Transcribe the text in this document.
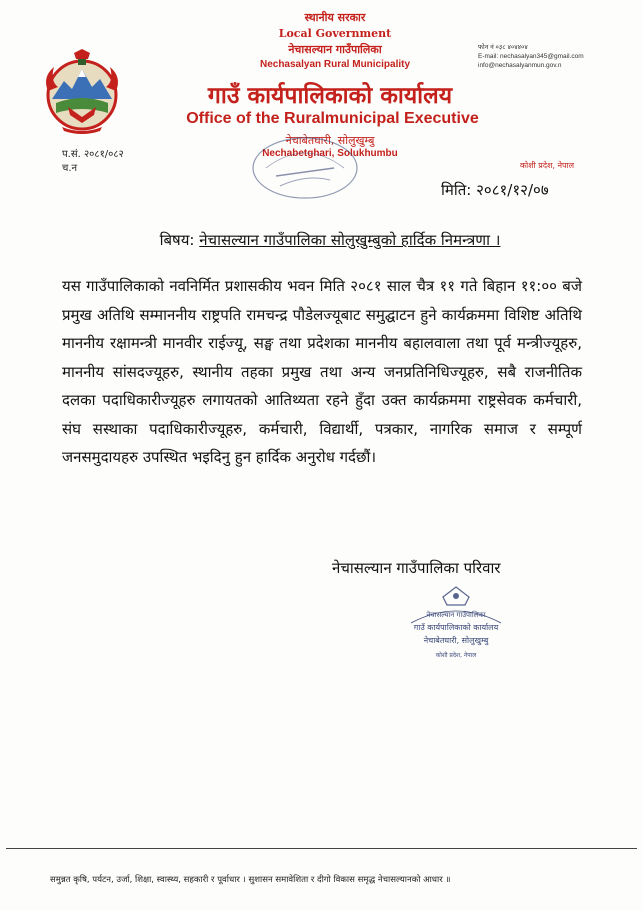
स्थानीय सरकार
Local Government
नेचासल्यान गाउँपालिका
Nechasalyan Rural Municipality
गाउँ कार्यपालिकाको कार्यालय
Office of the Ruralmunicipal Executive
नेचाबेतघारी, सोलुखुम्बु
Nechabetghari, Solukhumbu
फोन नं ०३८ ४०४४०४
E-mail: nechasalyan345@gmail.com
info@nechasalyanmun.gov.n
प.सं. २०८१/०८२
च.न	कोशी प्रदेश, नेपाल
मिति: २०८१/१२/०७
बिषय: नेचासल्यान गाउँपालिका सोलुखुम्बुको हार्दिक निमन्त्रणा ।
यस गाउँपालिकाको नवनिर्मित प्रशासकीय भवन मिति २०८१ साल चैत्र ११ गते बिहान ११:०० बजे प्रमुख अतिथि सम्माननीय राष्ट्रपति रामचन्द्र पौडेलज्यूबाट समुद्घाटन हुने कार्यक्रममा विशिष्ट अतिथि माननीय रक्षामन्त्री मानवीर राईज्यू, सङ्घ तथा प्रदेशका माननीय बहालवाला तथा पूर्व मन्त्रीज्यूहरु, माननीय सांसदज्यूहरु, स्थानीय तहका प्रमुख तथा अन्य जनप्रतिनिधिज्यूहरु, सबै राजनीतिक दलका पदाधिकारीज्यूहरु लगायतको आतिथ्यता रहने हुँदा उक्त कार्यक्रममा राष्ट्रसेवक कर्मचारी, संघ सस्थाका पदाधिकारीज्यूहरु, कर्मचारी, विद्यार्थी, पत्रकार, नागरिक समाज र सम्पूर्ण जनसमुदायहरु उपस्थित भइदिनु हुन हार्दिक अनुरोध गर्दछौं।
नेचासल्यान गाउँपालिका परिवार
नेचासल्यान गाउँपालिका
गाउँ कार्यपालिकाको कार्यालय
नेचाबेतघारी, सोलुखुम्बु
कोशी प्रदेश, नेपाल
समुन्नत कृषि, पर्यटन, उर्जा, शिक्षा, स्वास्थ्य, सहकारी र पूर्वाधार । सुशासन समावेशिता र दीगो विकास समृद्ध नेचासल्यानको आधार ॥
